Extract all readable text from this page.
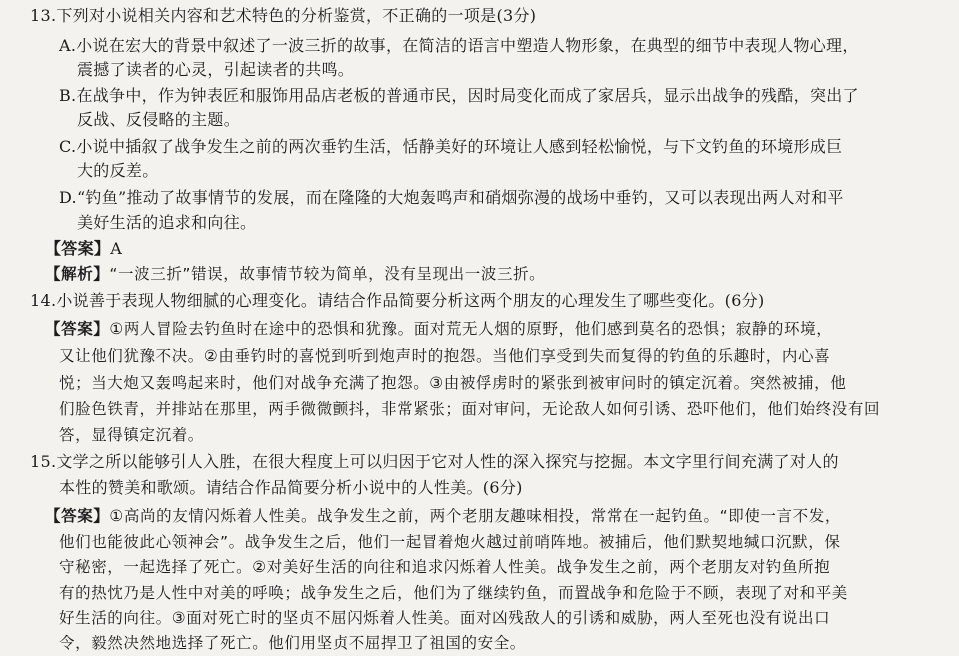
13.下列对小说相关内容和艺术特色的分析鉴赏，不正确的一项是(3分)
A.小说在宏大的背景中叙述了一波三折的故事，在简洁的语言中塑造人物形象，在典型的细节中表现人物心理，
震撼了读者的心灵，引起读者的共鸣。
B.在战争中，作为钟表匠和服饰用品店老板的普通市民，因时局变化而成了家居兵，显示出战争的残酷，突出了
反战、反侵略的主题。
C.小说中插叙了战争发生之前的两次垂钓生活，恬静美好的环境让人感到轻松愉悦，与下文钓鱼的环境形成巨
大的反差。
D.“钓鱼”推动了故事情节的发展，而在隆隆的大炮轰鸣声和硝烟弥漫的战场中垂钓，又可以表现出两人对和平
美好生活的追求和向往。
【答案】A
【解析】“一波三折”错误，故事情节较为简单，没有呈现出一波三折。
14.小说善于表现人物细腻的心理变化。请结合作品简要分析这两个朋友的心理发生了哪些变化。(6分)
【答案】①两人冒险去钓鱼时在途中的恐惧和犹豫。面对荒无人烟的原野，他们感到莫名的恐惧；寂静的环境，
又让他们犹豫不决。②由垂钓时的喜悦到听到炮声时的抱怨。当他们享受到失而复得的钓鱼的乐趣时，内心喜
悦；当大炮又轰鸣起来时，他们对战争充满了抱怨。③由被俘虏时的紧张到被审问时的镇定沉着。突然被捕，他
们脸色铁青，并排站在那里，两手微微颤抖，非常紧张；面对审问，无论敌人如何引诱、恐吓他们，他们始终没有回
答，显得镇定沉着。
15.文学之所以能够引人入胜，在很大程度上可以归因于它对人性的深入探究与挖掘。本文字里行间充满了对人的
本性的赞美和歌颂。请结合作品简要分析小说中的人性美。(6分)
【答案】①高尚的友情闪烁着人性美。战争发生之前，两个老朋友趣味相投，常常在一起钓鱼。“即使一言不发，
他们也能彼此心领神会”。战争发生之后，他们一起冒着炮火越过前哨阵地。被捕后，他们默契地缄口沉默，保
守秘密，一起选择了死亡。②对美好生活的向往和追求闪烁着人性美。战争发生之前，两个老朋友对钓鱼所抱
有的热忱乃是人性中对美的呼唤；战争发生之后，他们为了继续钓鱼，而置战争和危险于不顾，表现了对和平美
好生活的向往。③面对死亡时的坚贞不屈闪烁着人性美。面对凶残敌人的引诱和威胁，两人至死也没有说出口
令，毅然决然地选择了死亡。他们用坚贞不屈捍卫了祖国的安全。
